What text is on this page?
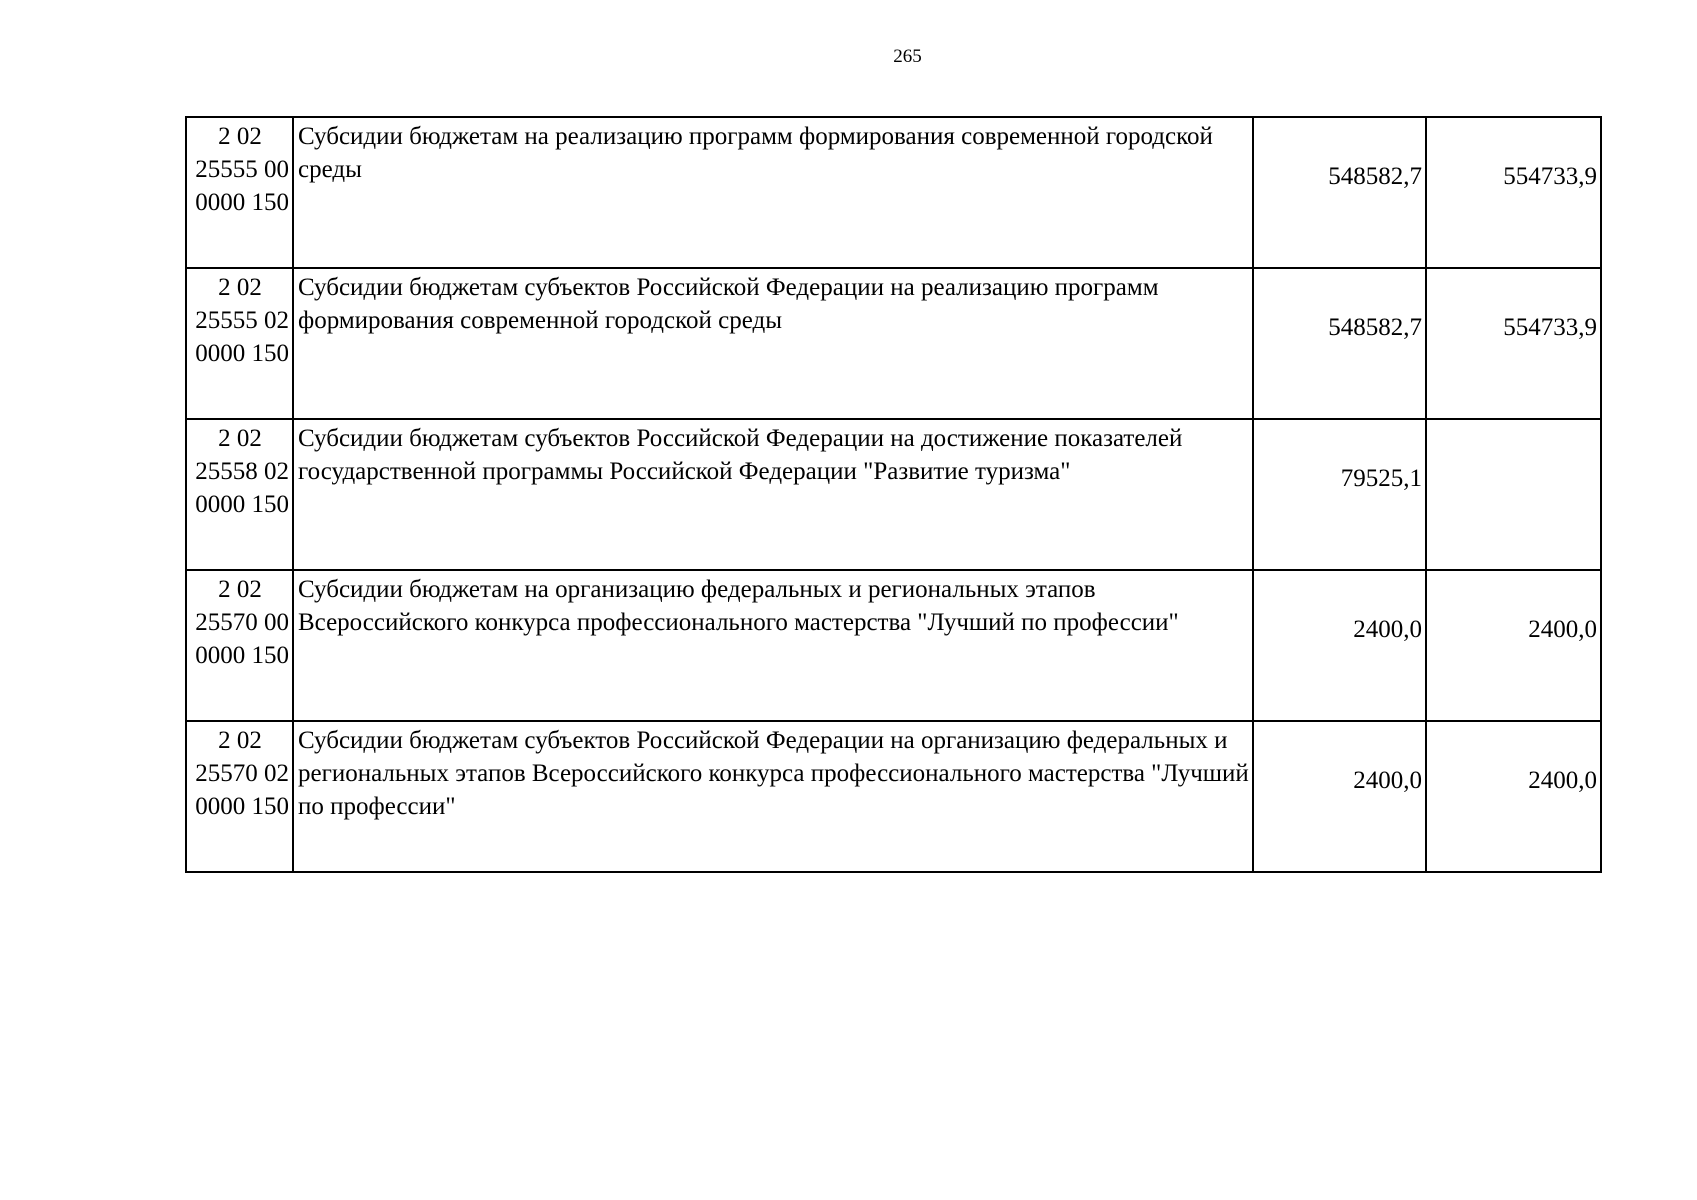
265
2 02
25555 00
0000 150	Субсидии бюджетам на реализацию программ формирования современной городской среды	548582,7	554733,9

2 02
25555 02
0000 150	Субсидии бюджетам субъектов Российской Федерации на реализацию программ формирования современной городской среды	548582,7	554733,9

2 02
25558 02
0000 150	Субсидии бюджетам субъектов Российской Федерации на достижение показателей государственной программы Российской Федерации "Развитие туризма"	79525,1	

2 02
25570 00
0000 150	Субсидии бюджетам на организацию федеральных и региональных этапов Всероссийского конкурса профессионального мастерства "Лучший по профессии"	2400,0	2400,0

2 02
25570 02
0000 150	Субсидии бюджетам субъектов Российской Федерации на организацию федеральных и региональных этапов Всероссийского конкурса профессионального мастерства "Лучший по профессии"	2400,0	2400,0
